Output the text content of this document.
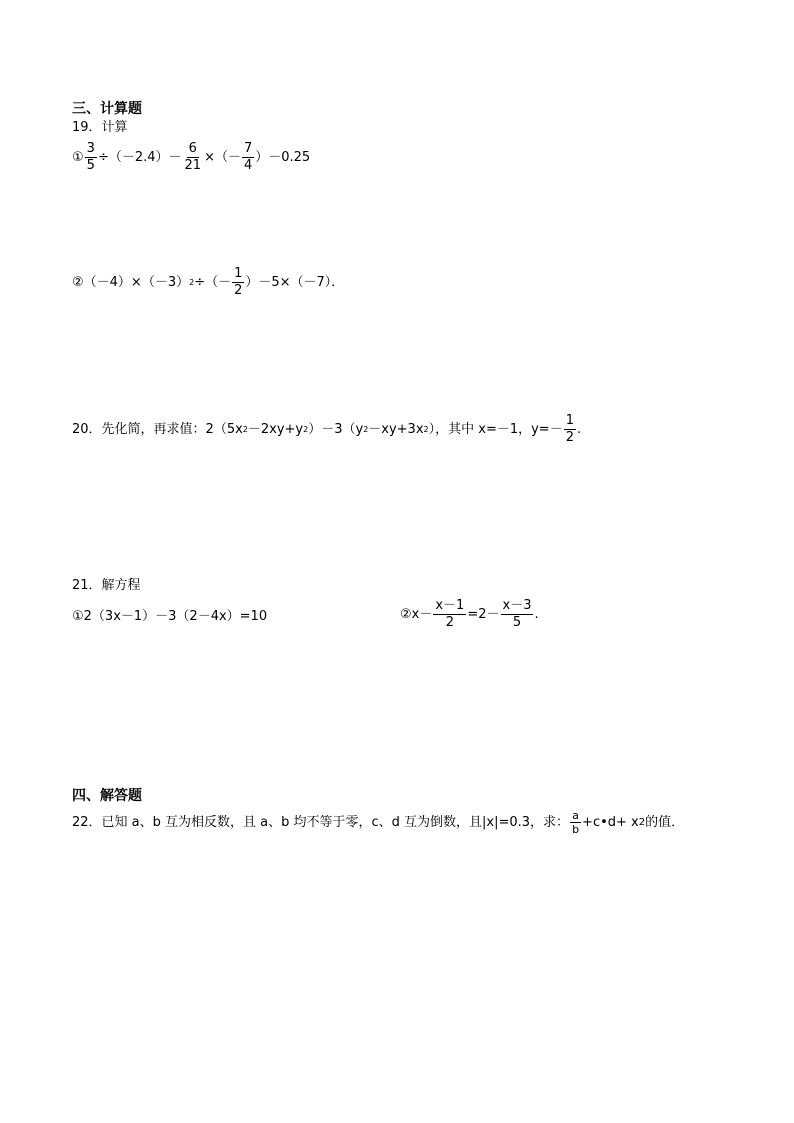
三、计算题
19．计算
① $\frac{3}{5} \div(-2.4)- \frac{6}{21}$ ×（－ $\frac{7}{4} )-0.25$
② （－4）×（－3） 2 ÷（－ $\frac{1}{2} )-5\times(-7)$．
20．先化简，再求值：2（5x 2 －2xy+y 2 ）－3（y 2 －xy+3x 2 ），其中 x=－1，$y=- \frac{1}{2}$ .
21．解方程
①2（3x－1）－3（2－4x）=10	②x－ $\frac{x-1}{2} =2- \frac{x-3}{5}$ .
四、解答题
22．已知 a、b 互为相反数，且 a、b 均不等于零，c、d 互为倒数，且|x|=0.3，求： $\frac{a}{b}$ +c•d+ x 2 的值．
